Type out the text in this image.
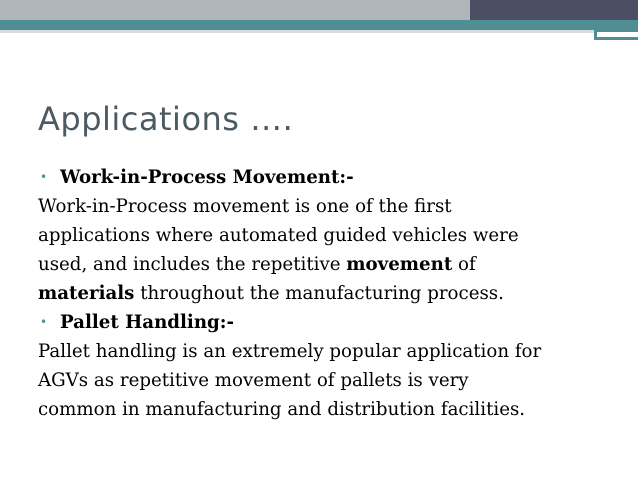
Applications ….
• Work-in-Process Movement:-
Work-in-Process movement is one of the first
applications where automated guided vehicles were
used, and includes the repetitive movement of
materials throughout the manufacturing process.
• Pallet Handling:-
Pallet handling is an extremely popular application for
AGVs as repetitive movement of pallets is very
common in manufacturing and distribution facilities.
